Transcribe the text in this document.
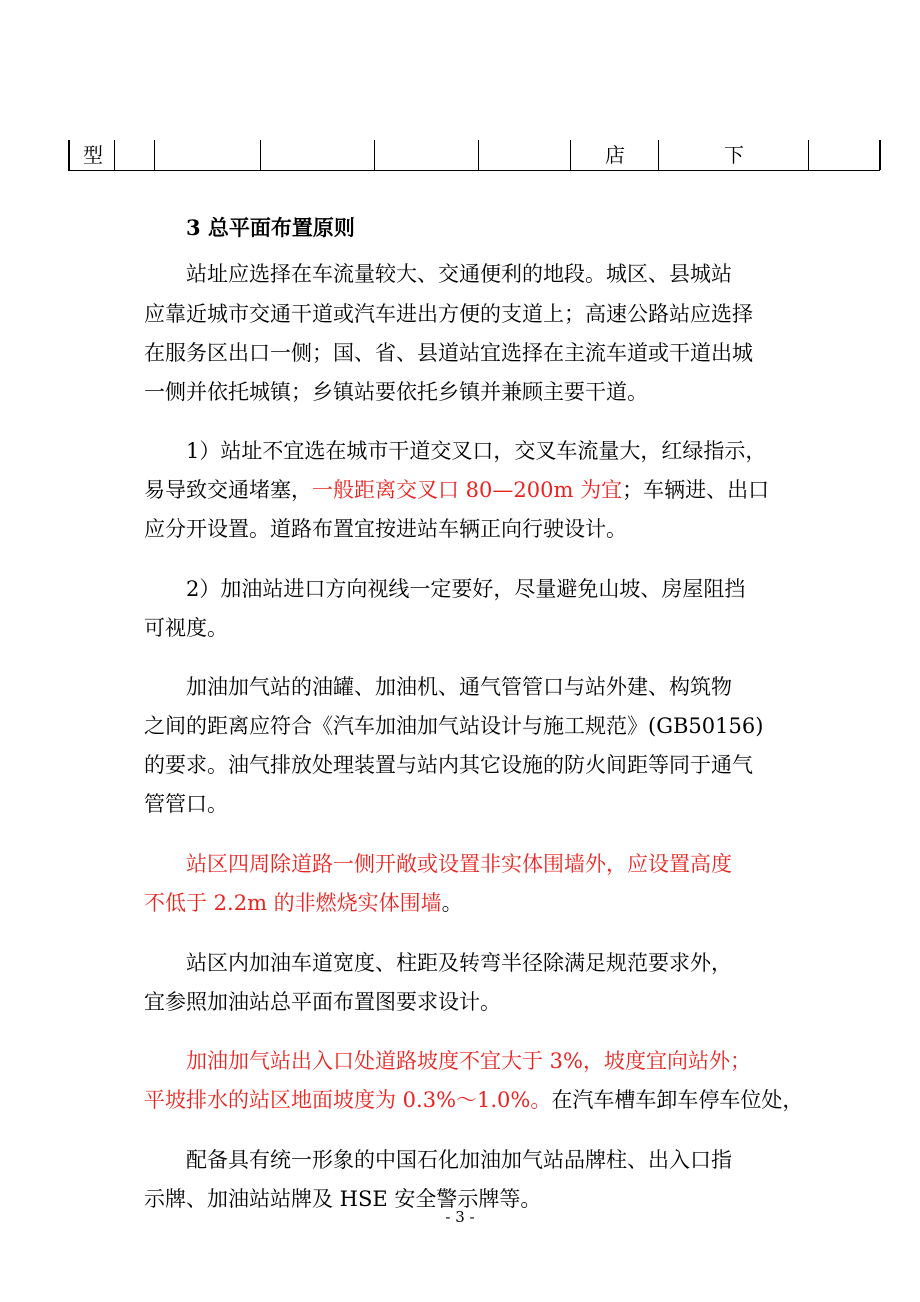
型	店	下
3 总平面布置原则
站址应选择在车流量较大、交通便利的地段。城区、县城站
应靠近城市交通干道或汽车进出方便的支道上；高速公路站应选择
在服务区出口一侧；国、省、县道站宜选择在主流车道或干道出城
一侧并依托城镇；乡镇站要依托乡镇并兼顾主要干道。
1）站址不宜选在城市干道交叉口，交叉车流量大，红绿指示，
易导致交通堵塞，一般距离交叉口 80—200m 为宜；车辆进、出口
应分开设置。道路布置宜按进站车辆正向行驶设计。
2）加油站进口方向视线一定要好，尽量避免山坡、房屋阻挡
可视度。
加油加气站的油罐、加油机、通气管管口与站外建、构筑物
之间的距离应符合《汽车加油加气站设计与施工规范》(GB50156)
的要求。油气排放处理装置与站内其它设施的防火间距等同于通气
管管口。
站区四周除道路一侧开敞或设置非实体围墙外，应设置高度
不低于 2.2m 的非燃烧实体围墙。
站区内加油车道宽度、柱距及转弯半径除满足规范要求外，
宜参照加油站总平面布置图要求设计。
加油加气站出入口处道路坡度不宜大于 3%，坡度宜向站外；
平坡排水的站区地面坡度为 0.3%～1.0%。在汽车槽车卸车停车位处，
配备具有统一形象的中国石化加油加气站品牌柱、出入口指
示牌、加油站站牌及 HSE 安全警示牌等。
- 3 -
